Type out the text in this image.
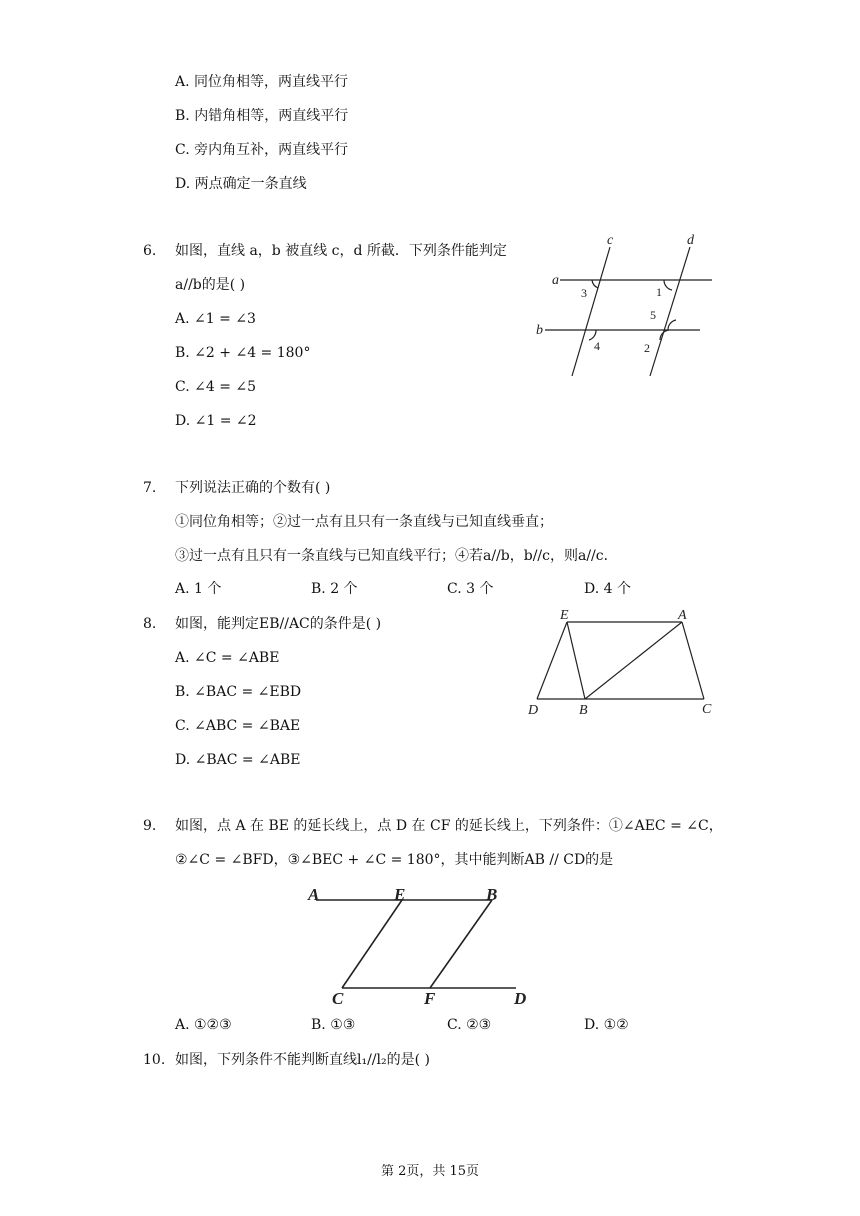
A. 同位角相等，两直线平行
B. 内错角相等，两直线平行
C. 旁内角互补，两直线平行
D. 两点确定一条直线
6. 如图，直线 a，b 被直线 c，d 所截．下列条件能判定
a//b的是( )
A. ∠1 = ∠3
B. ∠2 + ∠4 = 180°
C. ∠4 = ∠5
D. ∠1 = ∠2
c	d
a
b
3	1
5
4	2
7. 下列说法正确的个数有( )
①同位角相等；②过一点有且只有一条直线与已知直线垂直；
③过一点有且只有一条直线与已知直线平行；④若a//b，b//c，则a//c．
A. 1 个	B. 2 个	C. 3 个	D. 4 个
8. 如图，能判定EB//AC的条件是( )
A. ∠C = ∠ABE
B. ∠BAC = ∠EBD
C. ∠ABC = ∠BAE
D. ∠BAC = ∠ABE
E	A
D	B	C
9. 如图，点 A 在 BE 的延长线上，点 D 在 CF 的延长线上，下列条件：①∠AEC = ∠C，
②∠C = ∠BFD，③∠BEC + ∠C = 180°，其中能判断AB // CD的是
A	E	B
C	F	D
A. ①②③	B. ①③	C. ②③	D. ①②
10. 如图，下列条件不能判断直线l₁//l₂的是( )
第 2页，共 15页
